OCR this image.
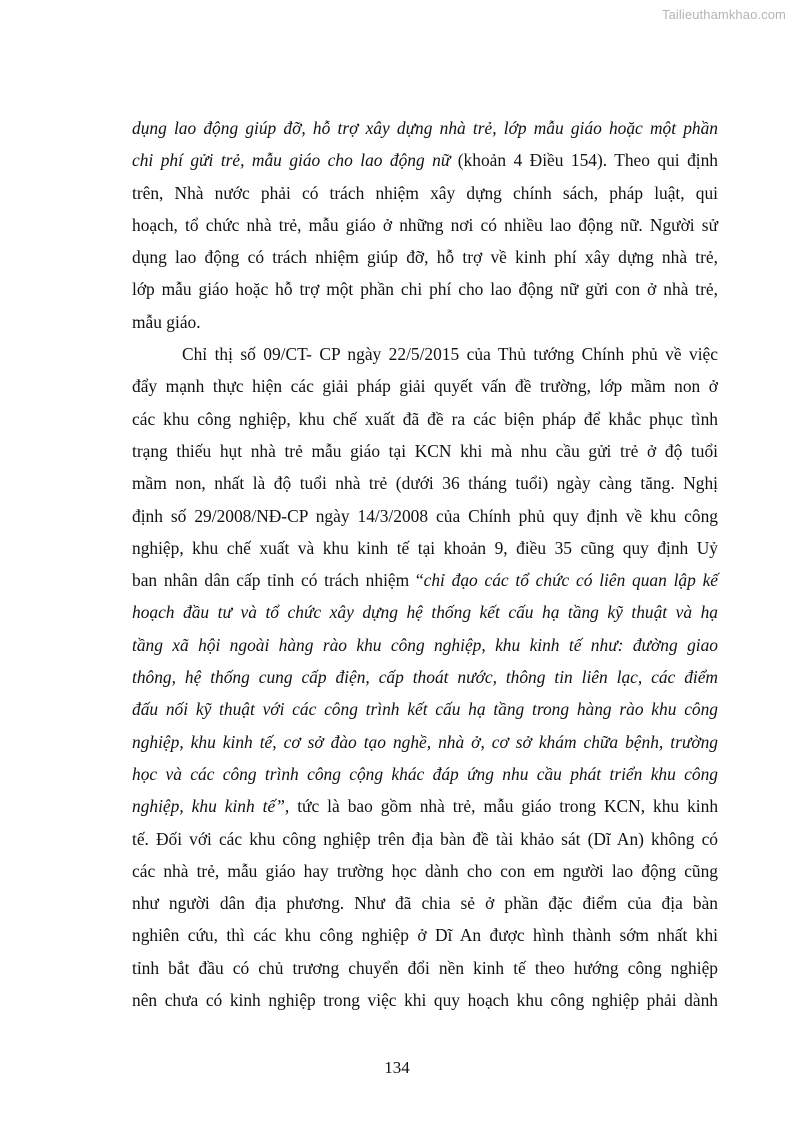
Tailieuthamkhao.com
dụng lao động giúp đỡ, hỗ trợ xây dựng nhà trẻ, lớp mẫu giáo hoặc một phần
chi phí gửi trẻ, mẫu giáo cho lao động nữ (khoản 4 Điều 154). Theo qui định
trên, Nhà nước phải có trách nhiệm xây dựng chính sách, pháp luật, qui
hoạch, tổ chức nhà trẻ, mẫu giáo ở những nơi có nhiều lao động nữ. Người sử
dụng lao động có trách nhiệm giúp đỡ, hỗ trợ về kinh phí xây dựng nhà trẻ,
lớp mẫu giáo hoặc hỗ trợ một phần chi phí cho lao động nữ gửi con ở nhà trẻ,
mẫu giáo.
Chỉ thị số 09/CT- CP ngày 22/5/2015 của Thủ tướng Chính phủ về việc
đẩy mạnh thực hiện các giải pháp giải quyết vấn đề trường, lớp mầm non ở
các khu công nghiệp, khu chế xuất đã đề ra các biện pháp để khắc phục tình
trạng thiếu hụt nhà trẻ mẫu giáo tại KCN khi mà nhu cầu gửi trẻ ở độ tuổi
mầm non, nhất là độ tuổi nhà trẻ (dưới 36 tháng tuổi) ngày càng tăng. Nghị
định số 29/2008/NĐ-CP ngày 14/3/2008 của Chính phủ quy định về khu công
nghiệp, khu chế xuất và khu kinh tế tại khoản 9, điều 35 cũng quy định Uỷ
ban nhân dân cấp tỉnh có trách nhiệm “chỉ đạo các tổ chức có liên quan lập kế
hoạch đầu tư và tổ chức xây dựng hệ thống kết cấu hạ tầng kỹ thuật và hạ
tầng xã hội ngoài hàng rào khu công nghiệp, khu kinh tế như: đường giao
thông, hệ thống cung cấp điện, cấp thoát nước, thông tin liên lạc, các điểm
đấu nối kỹ thuật với các công trình kết cấu hạ tầng trong hàng rào khu công
nghiệp, khu kinh tế, cơ sở đào tạo nghề, nhà ở, cơ sở khám chữa bệnh, trường
học và các công trình công cộng khác đáp ứng nhu cầu phát triển khu công
nghiệp, khu kinh tế”, tức là bao gồm nhà trẻ, mẫu giáo trong KCN, khu kinh
tế. Đối với các khu công nghiệp trên địa bàn đề tài khảo sát (Dĩ An) không có
các nhà trẻ, mẫu giáo hay trường học dành cho con em người lao động cũng
như người dân địa phương. Như đã chia sẻ ở phần đặc điểm của địa bàn
nghiên cứu, thì các khu công nghiệp ở Dĩ An được hình thành sớm nhất khi
tỉnh bắt đầu có chủ trương chuyển đổi nền kinh tế theo hướng công nghiệp
nên chưa có kinh nghiệp trong việc khi quy hoạch khu công nghiệp phải dành
134
